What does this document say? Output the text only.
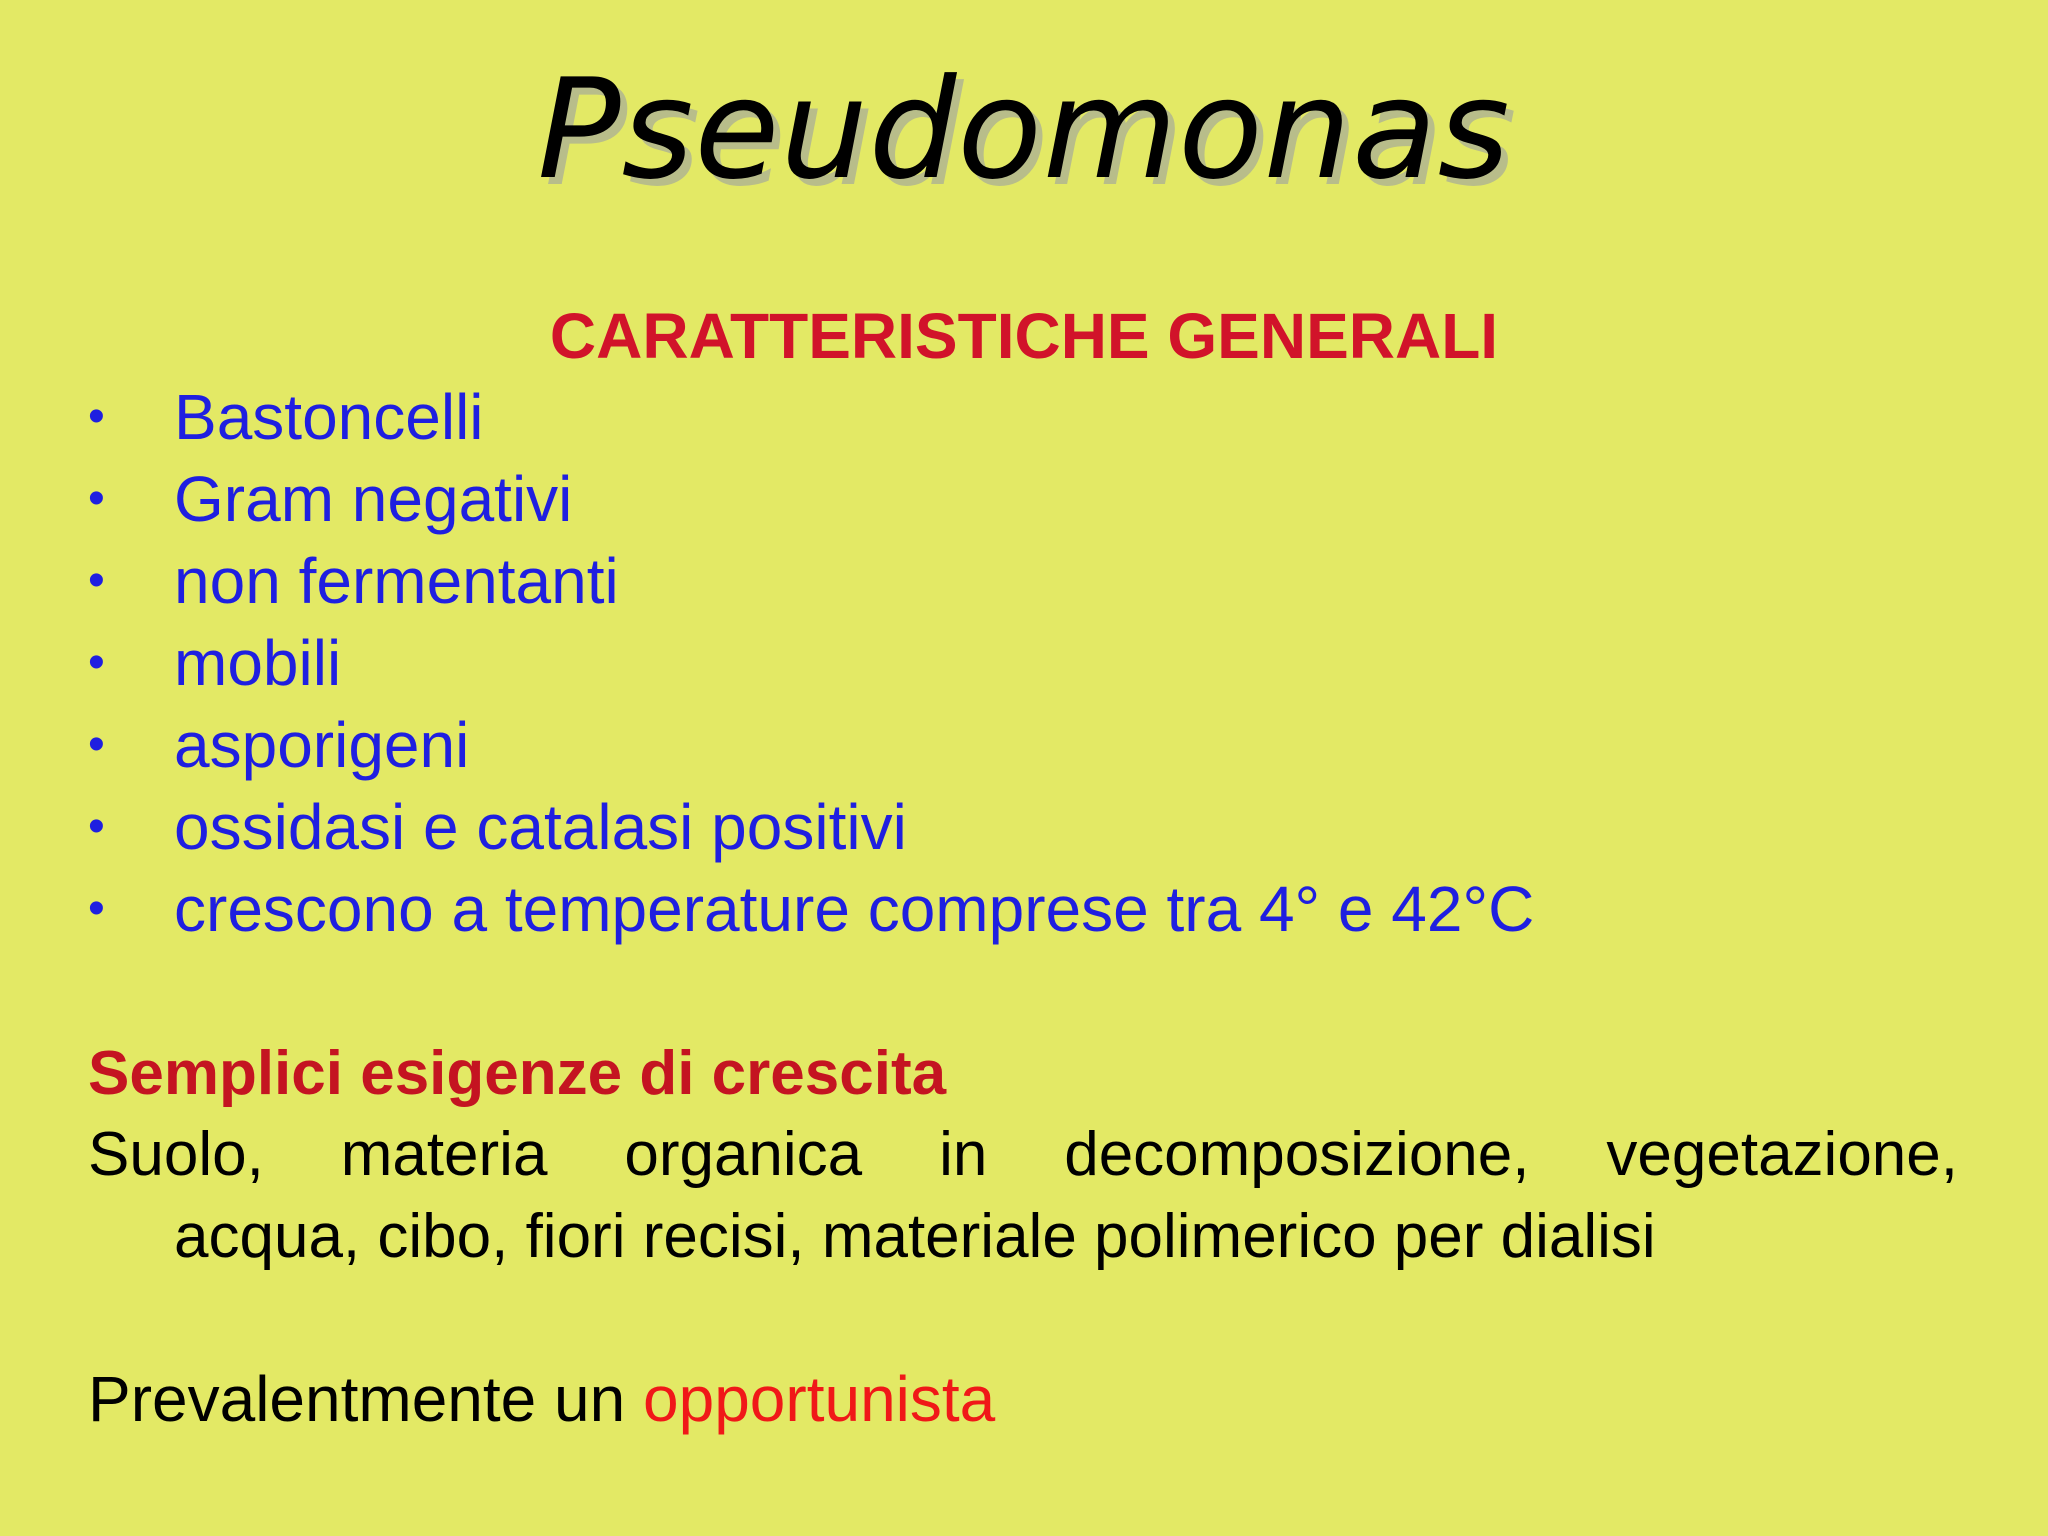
Pseudomonas
CARATTERISTICHE GENERALI
• Bastoncelli
• Gram negativi
• non fermentanti
• mobili
• asporigeni
• ossidasi e catalasi positivi
• crescono a temperature comprese tra 4° e 42°C
Semplici esigenze di crescita
Suolo, materia organica in decomposizione, vegetazione,
acqua, cibo, fiori recisi, materiale polimerico per dialisi
Prevalentmente un opportunista
